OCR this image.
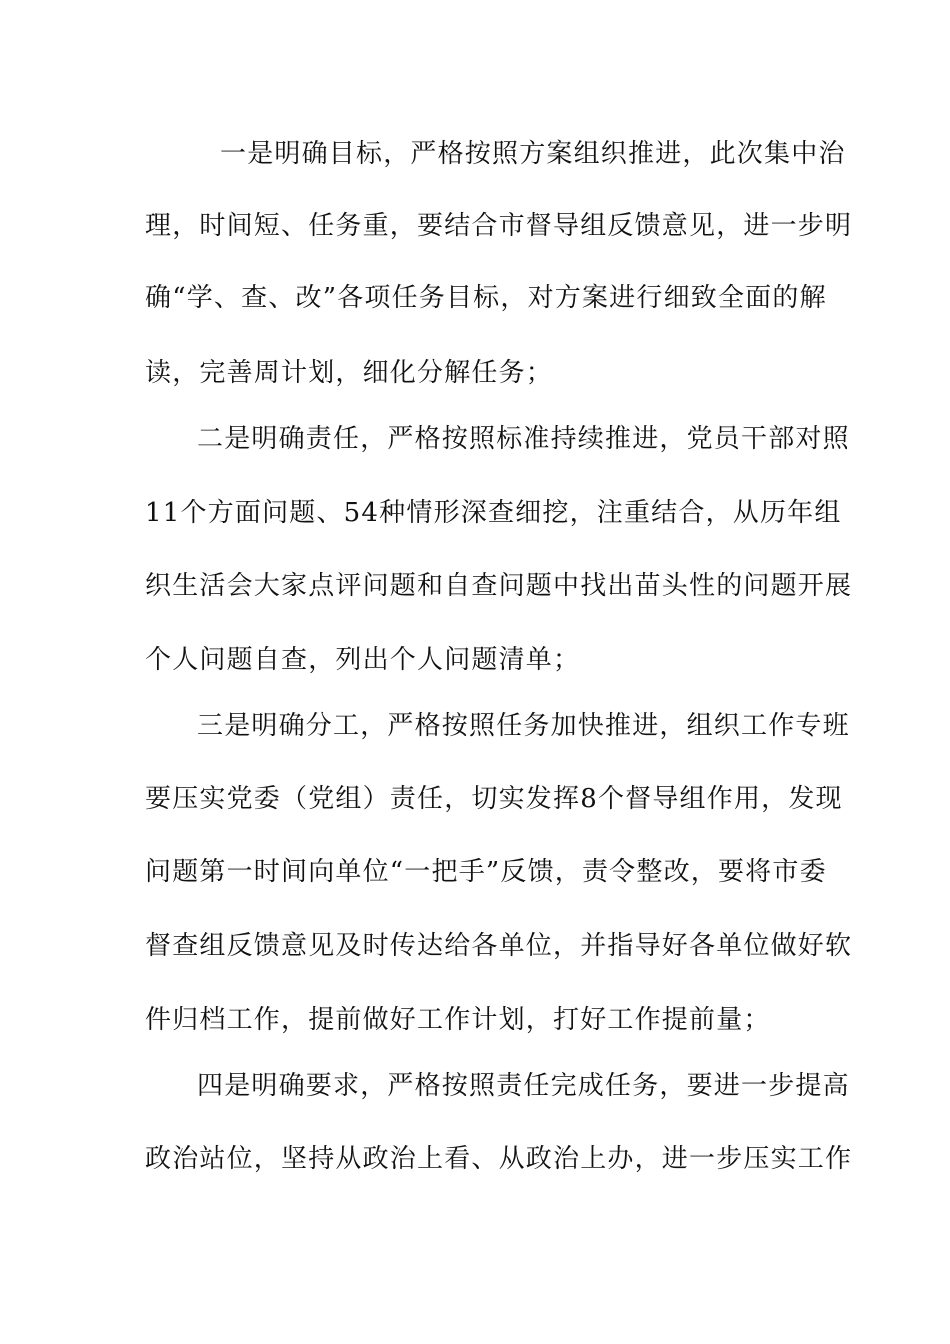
一是明确目标，严格按照方案组织推进，此次集中治
理，时间短、任务重，要结合市督导组反馈意见，进一步明
确“学、查、改”各项任务目标，对方案进行细致全面的解
读，完善周计划，细化分解任务；
二是明确责任，严格按照标准持续推进，党员干部对照
11个方面问题、54种情形深查细挖，注重结合，从历年组
织生活会大家点评问题和自查问题中找出苗头性的问题开展
个人问题自查，列出个人问题清单；
三是明确分工，严格按照任务加快推进，组织工作专班
要压实党委（党组）责任，切实发挥8个督导组作用，发现
问题第一时间向单位“一把手”反馈，责令整改，要将市委
督查组反馈意见及时传达给各单位，并指导好各单位做好软
件归档工作，提前做好工作计划，打好工作提前量；
四是明确要求，严格按照责任完成任务，要进一步提高
政治站位，坚持从政治上看、从政治上办，进一步压实工作
